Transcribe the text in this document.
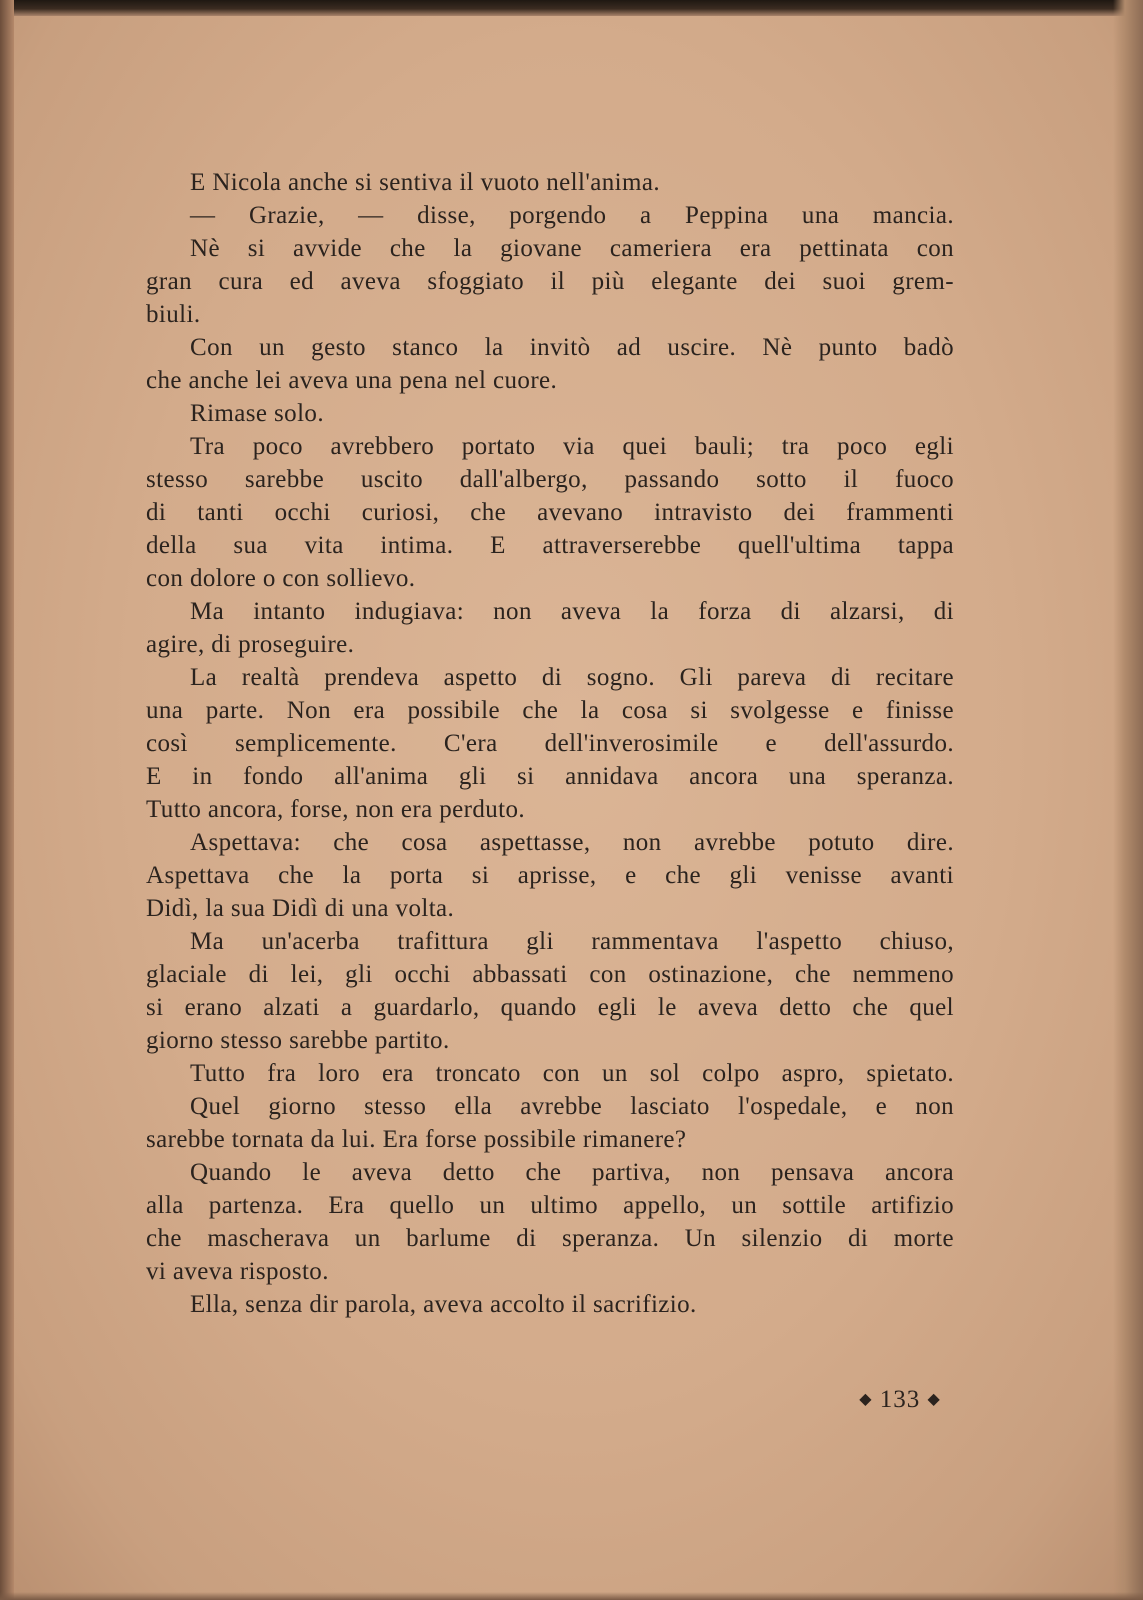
E Nicola anche si sentiva il vuoto nell'anima.
— Grazie, — disse, porgendo a Peppina una mancia.
Nè si avvide che la giovane cameriera era pettinata con
gran cura ed aveva sfoggiato il più elegante dei suoi grem-
biuli.
Con un gesto stanco la invitò ad uscire. Nè punto badò
che anche lei aveva una pena nel cuore.
Rimase solo.
Tra poco avrebbero portato via quei bauli; tra poco egli
stesso sarebbe uscito dall'albergo, passando sotto il fuoco
di tanti occhi curiosi, che avevano intravisto dei frammenti
della sua vita intima. E attraverserebbe quell'ultima tappa
con dolore o con sollievo.
Ma intanto indugiava: non aveva la forza di alzarsi, di
agire, di proseguire.
La realtà prendeva aspetto di sogno. Gli pareva di recitare
una parte. Non era possibile che la cosa si svolgesse e finisse
così semplicemente. C'era dell'inverosimile e dell'assurdo.
E in fondo all'anima gli si annidava ancora una speranza.
Tutto ancora, forse, non era perduto.
Aspettava: che cosa aspettasse, non avrebbe potuto dire.
Aspettava che la porta si aprisse, e che gli venisse avanti
Didì, la sua Didì di una volta.
Ma un'acerba trafittura gli rammentava l'aspetto chiuso,
glaciale di lei, gli occhi abbassati con ostinazione, che nemmeno
si erano alzati a guardarlo, quando egli le aveva detto che quel
giorno stesso sarebbe partito.
Tutto fra loro era troncato con un sol colpo aspro, spietato.
Quel giorno stesso ella avrebbe lasciato l'ospedale, e non
sarebbe tornata da lui. Era forse possibile rimanere?
Quando le aveva detto che partiva, non pensava ancora
alla partenza. Era quello un ultimo appello, un sottile artifizio
che mascherava un barlume di speranza. Un silenzio di morte
vi aveva risposto.
Ella, senza dir parola, aveva accolto il sacrifizio.
◆ 133 ◆
